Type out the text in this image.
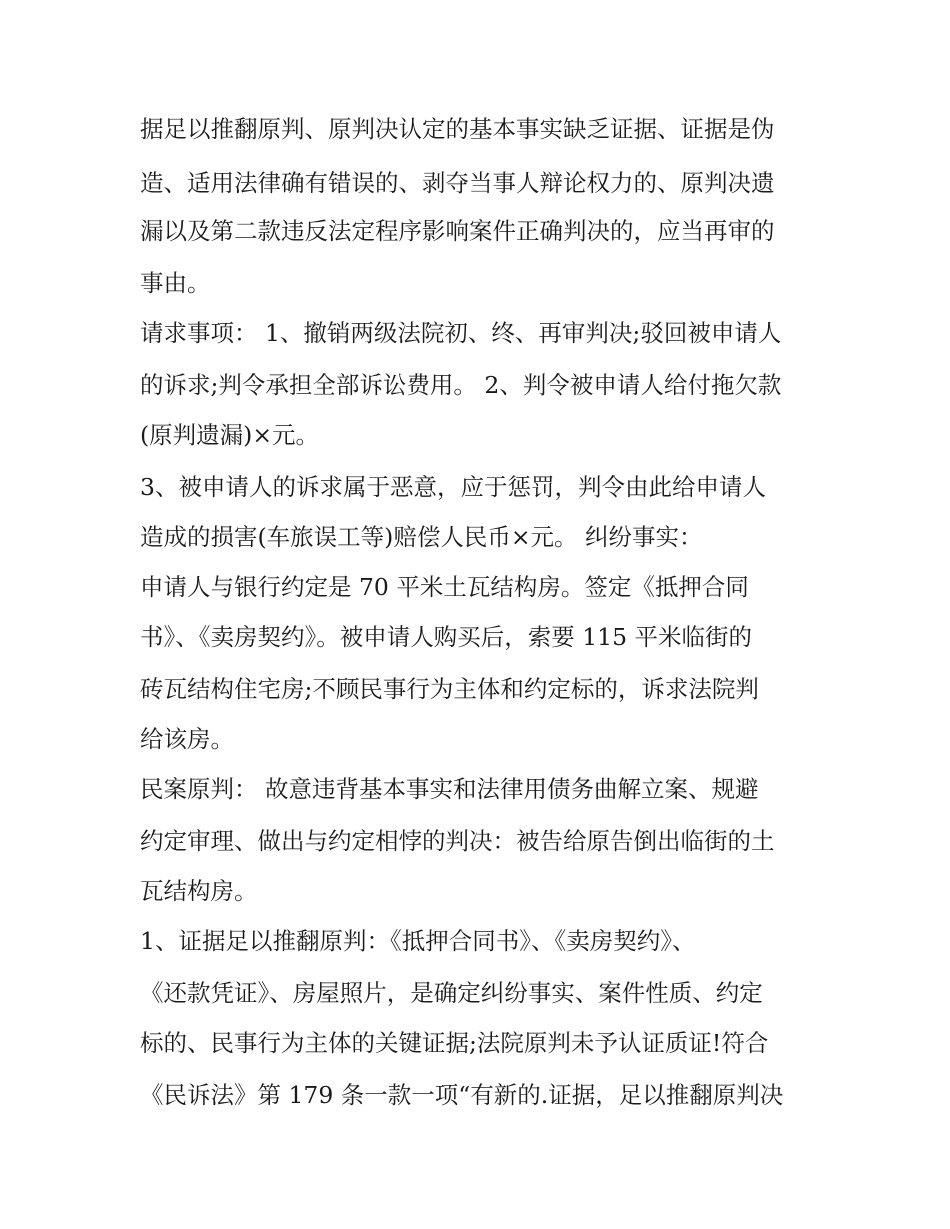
据足以推翻原判、原判决认定的基本事实缺乏证据、证据是伪
造、适用法律确有错误的、剥夺当事人辩论权力的、原判决遗
漏以及第二款违反法定程序影响案件正确判决的，应当再审的
事由。
请求事项： 1、撤销两级法院初、终、再审判决;驳回被申请人
的诉求;判令承担全部诉讼费用。 2、判令被申请人给付拖欠款
(原判遗漏)×元。
3、被申请人的诉求属于恶意，应于惩罚，判令由此给申请人
造成的损害(车旅误工等)赔偿人民币×元。 纠纷事实：
申请人与银行约定是 70 平米土瓦结构房。签定《抵押合同
书》、《卖房契约》。被申请人购买后，索要 115 平米临街的
砖瓦结构住宅房;不顾民事行为主体和约定标的，诉求法院判
给该房。
民案原判： 故意违背基本事实和法律用债务曲解立案、规避
约定审理、做出与约定相悖的判决：被告给原告倒出临街的土
瓦结构房。
1、证据足以推翻原判：《抵押合同书》、《卖房契约》、
《还款凭证》、房屋照片，是确定纠纷事实、案件性质、约定
标的、民事行为主体的关键证据;法院原判未予认证质证!符合
《民诉法》第 179 条一款一项“有新的.证据，足以推翻原判决
